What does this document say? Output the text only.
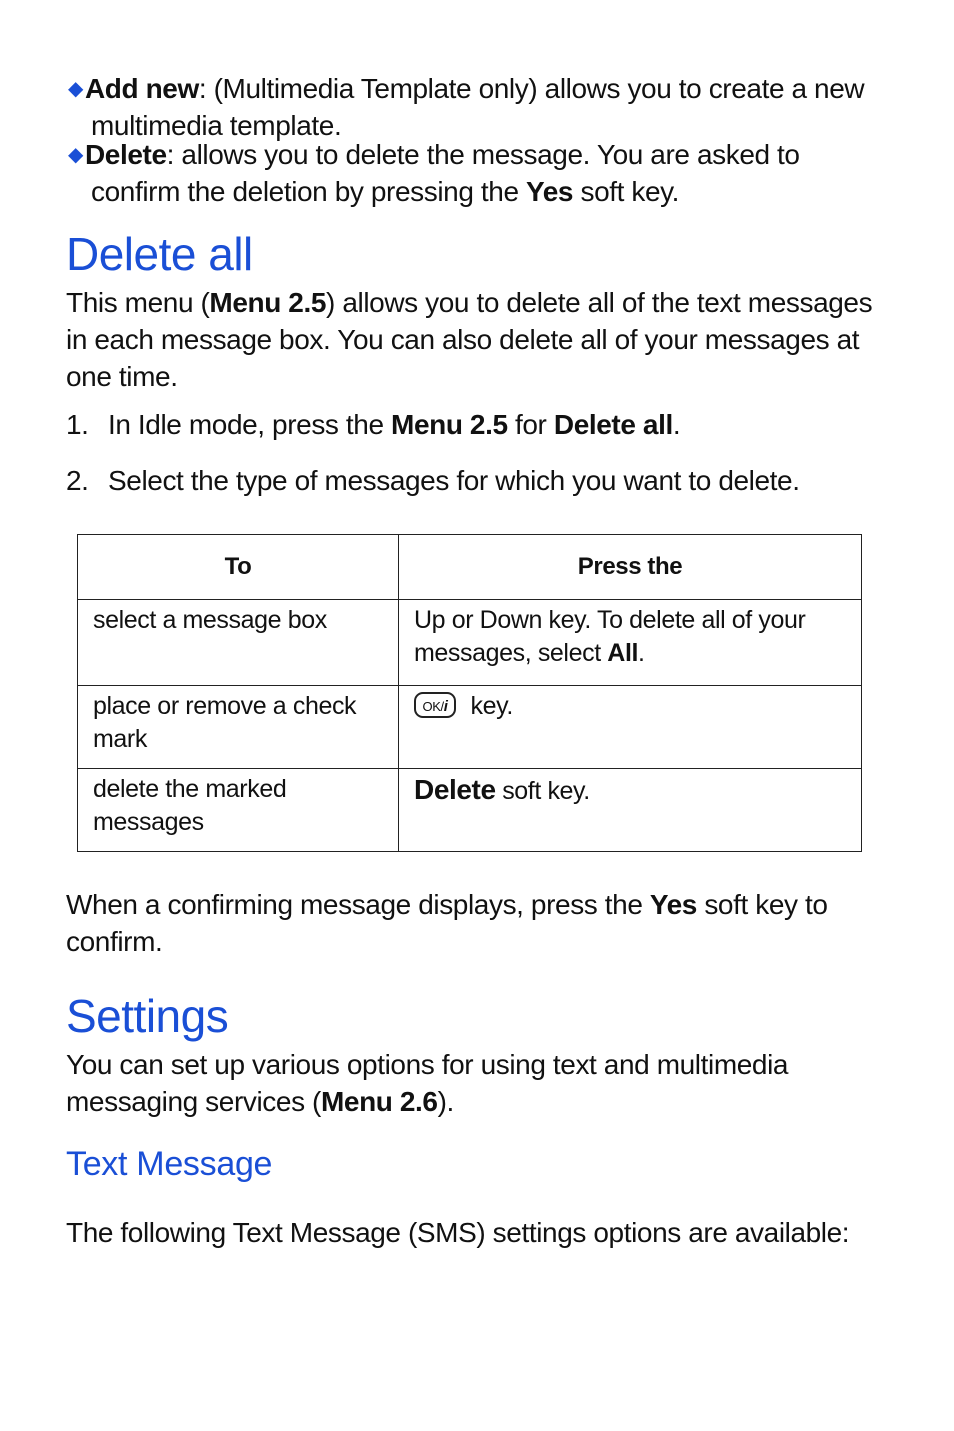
◆Add new: (Multimedia Template only) allows you to create a new
multimedia template.
◆Delete: allows you to delete the message. You are asked to
confirm the deletion by pressing the Yes soft key.
Delete all

This menu (Menu 2.5) allows you to delete all of the text messages in each message box. You can also delete all of your messages at one time.

1. In Idle mode, press the Menu 2.5 for Delete all.
2. Select the type of messages for which you want to delete.
To	Press the
select a message box	Up or Down key. To delete all of your messages, select All.
place or remove a check mark	OK/i key.
delete the marked messages	Delete soft key.

When a confirming message displays, press the Yes soft key to confirm.

Settings

You can set up various options for using text and multimedia messaging services (Menu 2.6).

Text Message

The following Text Message (SMS) settings options are available:
